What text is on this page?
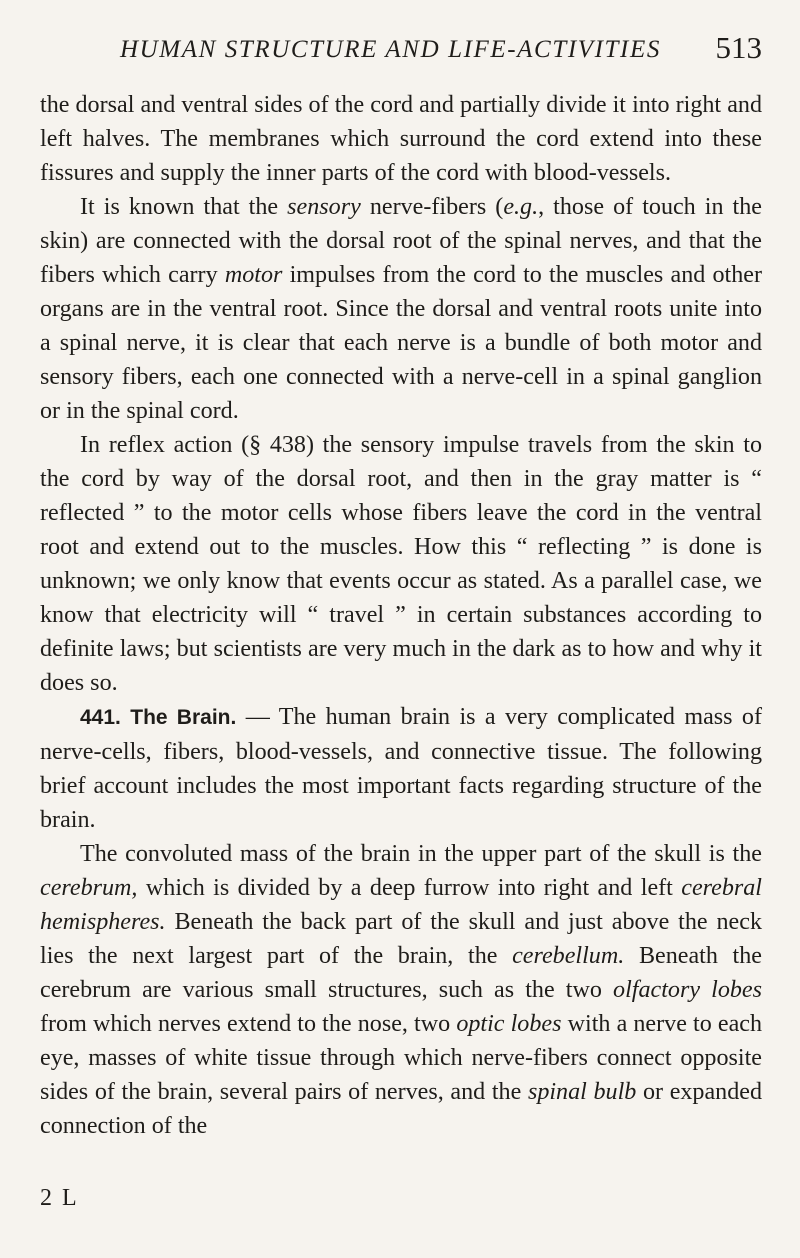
HUMAN STRUCTURE AND LIFE-ACTIVITIES 513

the dorsal and ventral sides of the cord and partially divide it into right and left halves. The membranes which surround the cord extend into these fissures and supply the inner parts of the cord with blood-vessels.

It is known that the sensory nerve-fibers (e.g., those of touch in the skin) are connected with the dorsal root of the spinal nerves, and that the fibers which carry motor impulses from the cord to the muscles and other organs are in the ventral root. Since the dorsal and ventral roots unite into a spinal nerve, it is clear that each nerve is a bundle of both motor and sensory fibers, each one connected with a nerve-cell in a spinal ganglion or in the spinal cord.

In reflex action (§ 438) the sensory impulse travels from the skin to the cord by way of the dorsal root, and then in the gray matter is “ reflected ” to the motor cells whose fibers leave the cord in the ventral root and extend out to the muscles. How this “ reflecting ” is done is unknown; we only know that events occur as stated. As a parallel case, we know that electricity will “ travel ” in certain substances according to definite laws; but scientists are very much in the dark as to how and why it does so.

441. The Brain. — The human brain is a very complicated mass of nerve-cells, fibers, blood-vessels, and connective tissue. The following brief account includes the most important facts regarding structure of the brain.

The convoluted mass of the brain in the upper part of the skull is the cerebrum, which is divided by a deep furrow into right and left cerebral hemispheres. Beneath the back part of the skull and just above the neck lies the next largest part of the brain, the cerebellum. Beneath the cerebrum are various small structures, such as the two olfactory lobes from which nerves extend to the nose, two optic lobes with a nerve to each eye, masses of white tissue through which nerve-fibers connect opposite sides of the brain, several pairs of nerves, and the spinal bulb or expanded connection of the

2 L
